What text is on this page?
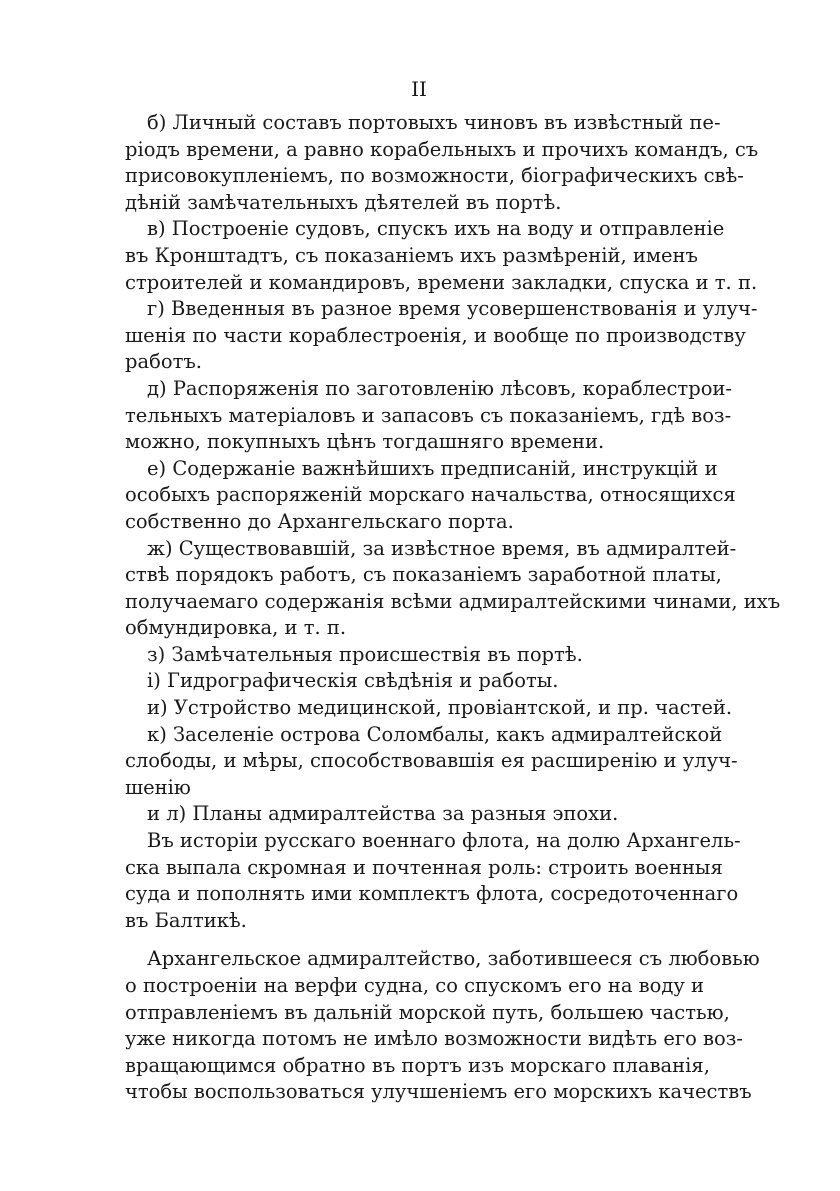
II
б) Личный составъ портовыхъ чиновъ въ извѣстный пе-
ріодъ времени, а равно корабельныхъ и прочихъ командъ, съ
присовокупленіемъ, по возможности, біографическихъ свѣ-
дѣній замѣчательныхъ дѣятелей въ портѣ.
в) Построеніе судовъ, спускъ ихъ на воду и отправленіе
въ Кронштадтъ, съ показаніемъ ихъ размѣреній, именъ
строителей и командировъ, времени закладки, спуска и т. п.
г) Введенныя въ разное время усовершенствованія и улуч-
шенія по части кораблестроенія, и вообще по производству
работъ.
д) Распоряженія по заготовленію лѣсовъ, кораблестрои-
тельныхъ матеріаловъ и запасовъ съ показаніемъ, гдѣ воз-
можно, покупныхъ цѣнъ тогдашняго времени.
е) Содержаніе важнѣйшихъ предписаній, инструкцій и
особыхъ распоряженій морскаго начальства, относящихся
собственно до Архангельскаго порта.
ж) Существовавшій, за извѣстное время, въ адмиралтей-
ствѣ порядокъ работъ, съ показаніемъ заработной платы,
получаемаго содержанія всѣми адмиралтейскими чинами, ихъ
обмундировка, и т. п.
з) Замѣчательныя происшествія въ портѣ.
і) Гидрографическія свѣдѣнія и работы.
и) Устройство медицинской, провіантской, и пр. частей.
к) Заселеніе острова Соломбалы, какъ адмиралтейской
слободы, и мѣры, способствовавшія ея расширенію и улуч-
шенію
и л) Планы адмиралтейства за разныя эпохи.
Въ исторіи русскаго военнаго флота, на долю Архангель-
ска выпала скромная и почтенная роль: строить военныя
суда и пополнять ими комплектъ флота, сосредоточеннаго
въ Балтикѣ.
Архангельское адмиралтейство, заботившееся съ любовью
о построеніи на верфи судна, со спускомъ его на воду и
отправленіемъ въ дальній морской путь, большею частью,
уже никогда потомъ не имѣло возможности видѣть его воз-
вращающимся обратно въ портъ изъ морскаго плаванія,
чтобы воспользоваться улучшеніемъ его морскихъ качествъ
